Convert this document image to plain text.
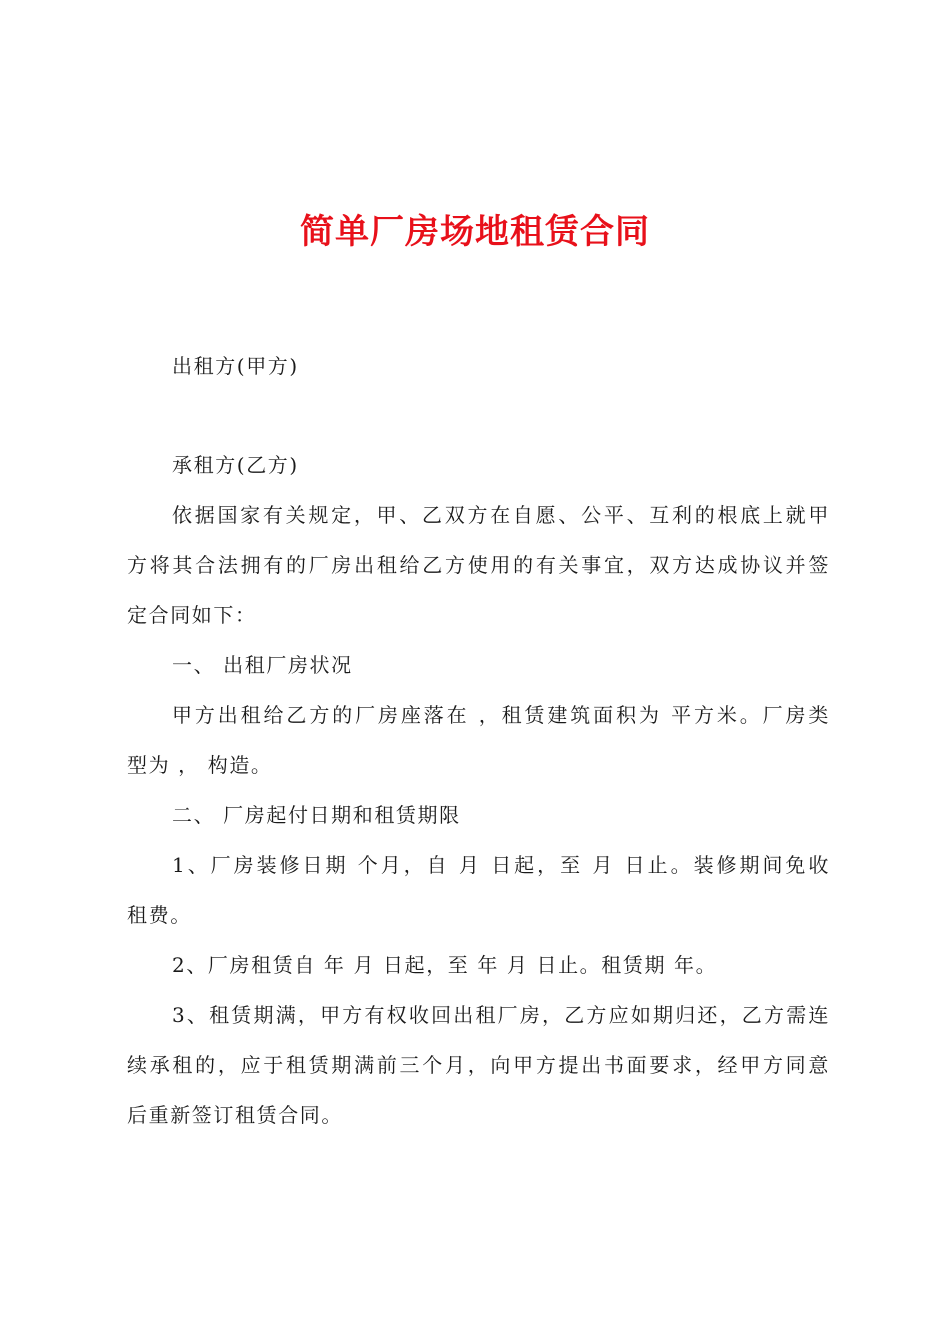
简单厂房场地租赁合同

出租方(甲方)

承租方(乙方)

依据国家有关规定，甲、乙双方在自愿、公平、互利的根底上就甲

方将其合法拥有的厂房出租给乙方使用的有关事宜，双方达成协议并签

定合同如下：

一、 出租厂房状况

甲方出租给乙方的厂房座落在 ，租赁建筑面积为 平方米。厂房类

型为 ， 构造。

二、 厂房起付日期和租赁期限

1、厂房装修日期 个月，自 月 日起，至 月 日止。装修期间免收

租费。

2、厂房租赁自 年 月 日起，至 年 月 日止。租赁期 年。

3、租赁期满，甲方有权收回出租厂房，乙方应如期归还，乙方需连

续承租的，应于租赁期满前三个月，向甲方提出书面要求，经甲方同意

后重新签订租赁合同。
